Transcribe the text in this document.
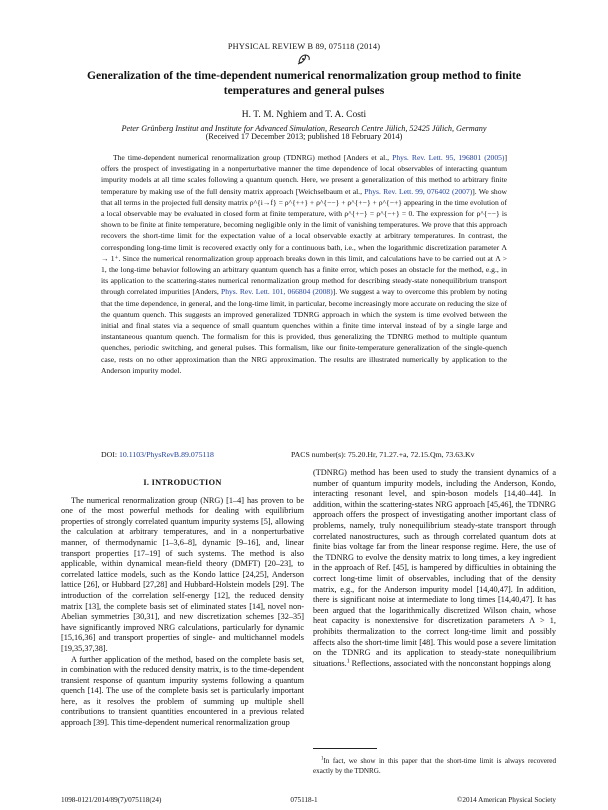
PHYSICAL REVIEW B 89, 075118 (2014)
Generalization of the time-dependent numerical renormalization group method to finite temperatures and general pulses
H. T. M. Nghiem and T. A. Costi
Peter Grünberg Institut and Institute for Advanced Simulation, Research Centre Jülich, 52425 Jülich, Germany
(Received 17 December 2013; published 18 February 2014)

The time-dependent numerical renormalization group (TDNRG) method [Anders et al., Phys. Rev. Lett. 95, 196801 (2005)] offers the prospect of investigating in a nonperturbative manner the time dependence of local observables of interacting quantum impurity models at all time scales following a quantum quench. Here, we present a generalization of this method to arbitrary finite temperature by making use of the full density matrix approach [Weichselbaum et al., Phys. Rev. Lett. 99, 076402 (2007)]. We show that all terms in the projected full density matrix ρ^{i→f} = ρ^{++} + ρ^{−−} + ρ^{+−} + ρ^{−+} appearing in the time evolution of a local observable may be evaluated in closed form at finite temperature, with ρ^{+−} = ρ^{−+} = 0. The expression for ρ^{−−} is shown to be finite at finite temperature, becoming negligible only in the limit of vanishing temperatures. We prove that this approach recovers the short-time limit for the expectation value of a local observable exactly at arbitrary temperatures. In contrast, the corresponding long-time limit is recovered exactly only for a continuous bath, i.e., when the logarithmic discretization parameter Λ → 1⁺. Since the numerical renormalization group approach breaks down in this limit, and calculations have to be carried out at Λ > 1, the long-time behavior following an arbitrary quantum quench has a finite error, which poses an obstacle for the method, e.g., in its application to the scattering-states numerical renormalization group method for describing steady-state nonequilibrium transport through correlated impurities [Anders, Phys. Rev. Lett. 101, 066804 (2008)]. We suggest a way to overcome this problem by noting that the time dependence, in general, and the long-time limit, in particular, become increasingly more accurate on reducing the size of the quantum quench. This suggests an improved generalized TDNRG approach in which the system is time evolved between the initial and final states via a sequence of small quantum quenches within a finite time interval instead of by a single large and instantaneous quantum quench. The formalism for this is provided, thus generalizing the TDNRG method to multiple quantum quenches, periodic switching, and general pulses. This formalism, like our finite-temperature generalization of the single-quench case, rests on no other approximation than the NRG approximation. The results are illustrated numerically by application to the Anderson impurity model.

DOI: 10.1103/PhysRevB.89.075118	PACS number(s): 75.20.Hr, 71.27.+a, 72.15.Qm, 73.63.Kv
I. INTRODUCTION

The numerical renormalization group (NRG) [1–4] has proven to be one of the most powerful methods for dealing with equilibrium properties of strongly correlated quantum impurity systems [5], allowing the calculation at arbitrary temperatures, and in a nonperturbative manner, of thermodynamic [1–3,6–8], dynamic [9–16], and, linear transport properties [17–19] of such systems. The method is also applicable, within dynamical mean-field theory (DMFT) [20–23], to correlated lattice models, such as the Kondo lattice [24,25], Anderson lattice [26], or Hubbard [27,28] and Hubbard-Holstein models [29]. The introduction of the correlation self-energy [12], the reduced density matrix [13], the complete basis set of eliminated states [14], novel non-Abelian symmetries [30,31], and new discretization schemes [32–35] have significantly improved NRG calculations, particularly for dynamic [15,16,36] and transport properties of single- and multichannel models [19,35,37,38].

A further application of the method, based on the complete basis set, in combination with the reduced density matrix, is to the time-dependent transient response of quantum impurity systems following a quantum quench [14]. The use of the complete basis set is particularly important here, as it resolves the problem of summing up multiple shell contributions to transient quantities encountered in a previous related approach [39]. This time-dependent numerical renormalization group

(TDNRG) method has been used to study the transient dynamics of a number of quantum impurity models, including the Anderson, Kondo, interacting resonant level, and spin-boson models [14,40–44]. In addition, within the scattering-states NRG approach [45,46], the TDNRG approach offers the prospect of investigating another important class of problems, namely, truly nonequilibrium steady-state transport through correlated nanostructures, such as through correlated quantum dots at finite bias voltage far from the linear response regime. Here, the use of the TDNRG to evolve the density matrix to long times, a key ingredient in the approach of Ref. [45], is hampered by difficulties in obtaining the correct long-time limit of observables, including that of the density matrix, e.g., for the Anderson impurity model [14,40,47]. In addition, there is significant noise at intermediate to long times [14,40,47]. It has been argued that the logarithmically discretized Wilson chain, whose heat capacity is nonextensive for discretization parameters Λ > 1, prohibits thermalization to the correct long-time limit and possibly affects also the short-time limit [48]. This would pose a severe limitation on the TDNRG and its application to steady-state nonequilibrium situations.$^1$ Reflections, associated with the nonconstant hoppings along

$^1$In fact, we show in this paper that the short-time limit is always recovered exactly by the TDNRG.
1098-0121/2014/89(7)/075118(24)	075118-1	©2014 American Physical Society
